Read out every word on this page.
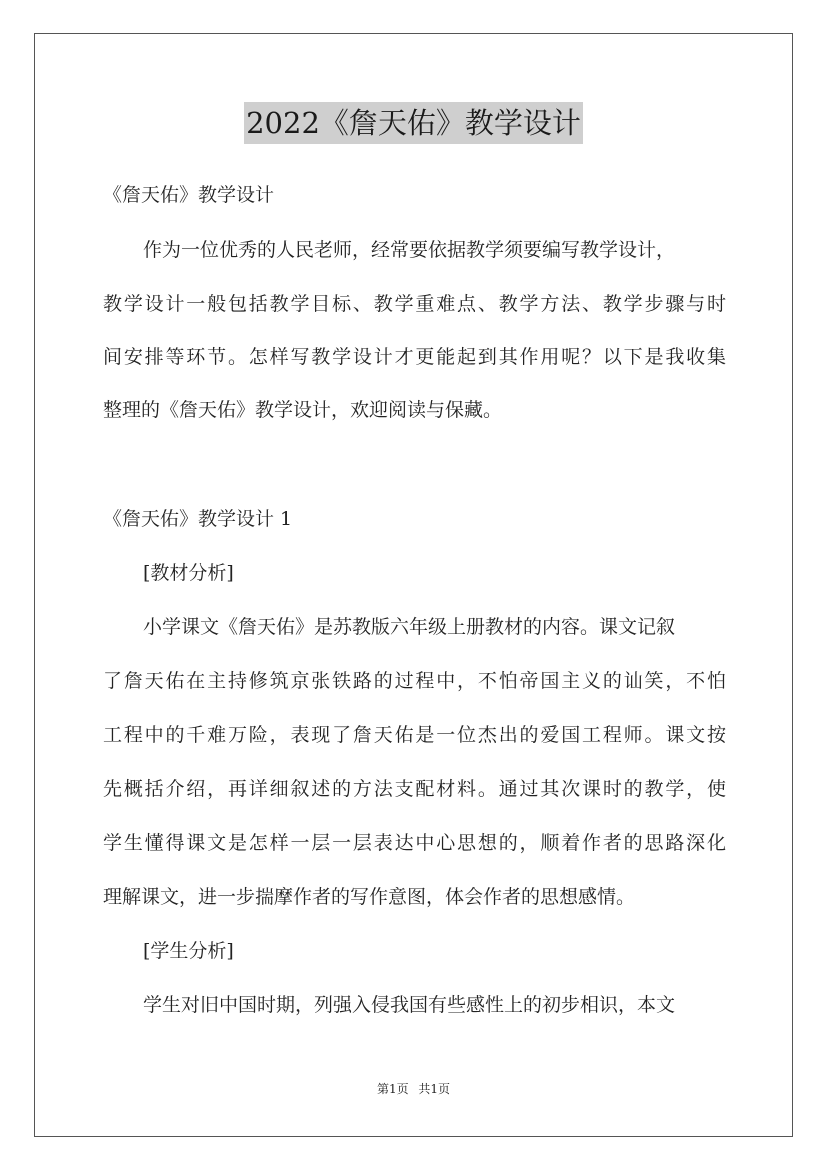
2022《詹天佑》教学设计
《詹天佑》教学设计
作为一位优秀的人民老师，经常要依据教学须要编写教学设计，
教学设计一般包括教学目标、教学重难点、教学方法、教学步骤与时
间安排等环节。怎样写教学设计才更能起到其作用呢？以下是我收集
整理的《詹天佑》教学设计，欢迎阅读与保藏。
《詹天佑》教学设计 1
[教材分析]
小学课文《詹天佑》是苏教版六年级上册教材的内容。课文记叙
了詹天佑在主持修筑京张铁路的过程中，不怕帝国主义的讪笑，不怕
工程中的千难万险，表现了詹天佑是一位杰出的爱国工程师。课文按
先概括介绍，再详细叙述的方法支配材料。通过其次课时的教学，使
学生懂得课文是怎样一层一层表达中心思想的，顺着作者的思路深化
理解课文，进一步揣摩作者的写作意图，体会作者的思想感情。
[学生分析]
学生对旧中国时期，列强入侵我国有些感性上的初步相识，本文
第1页 共1页
